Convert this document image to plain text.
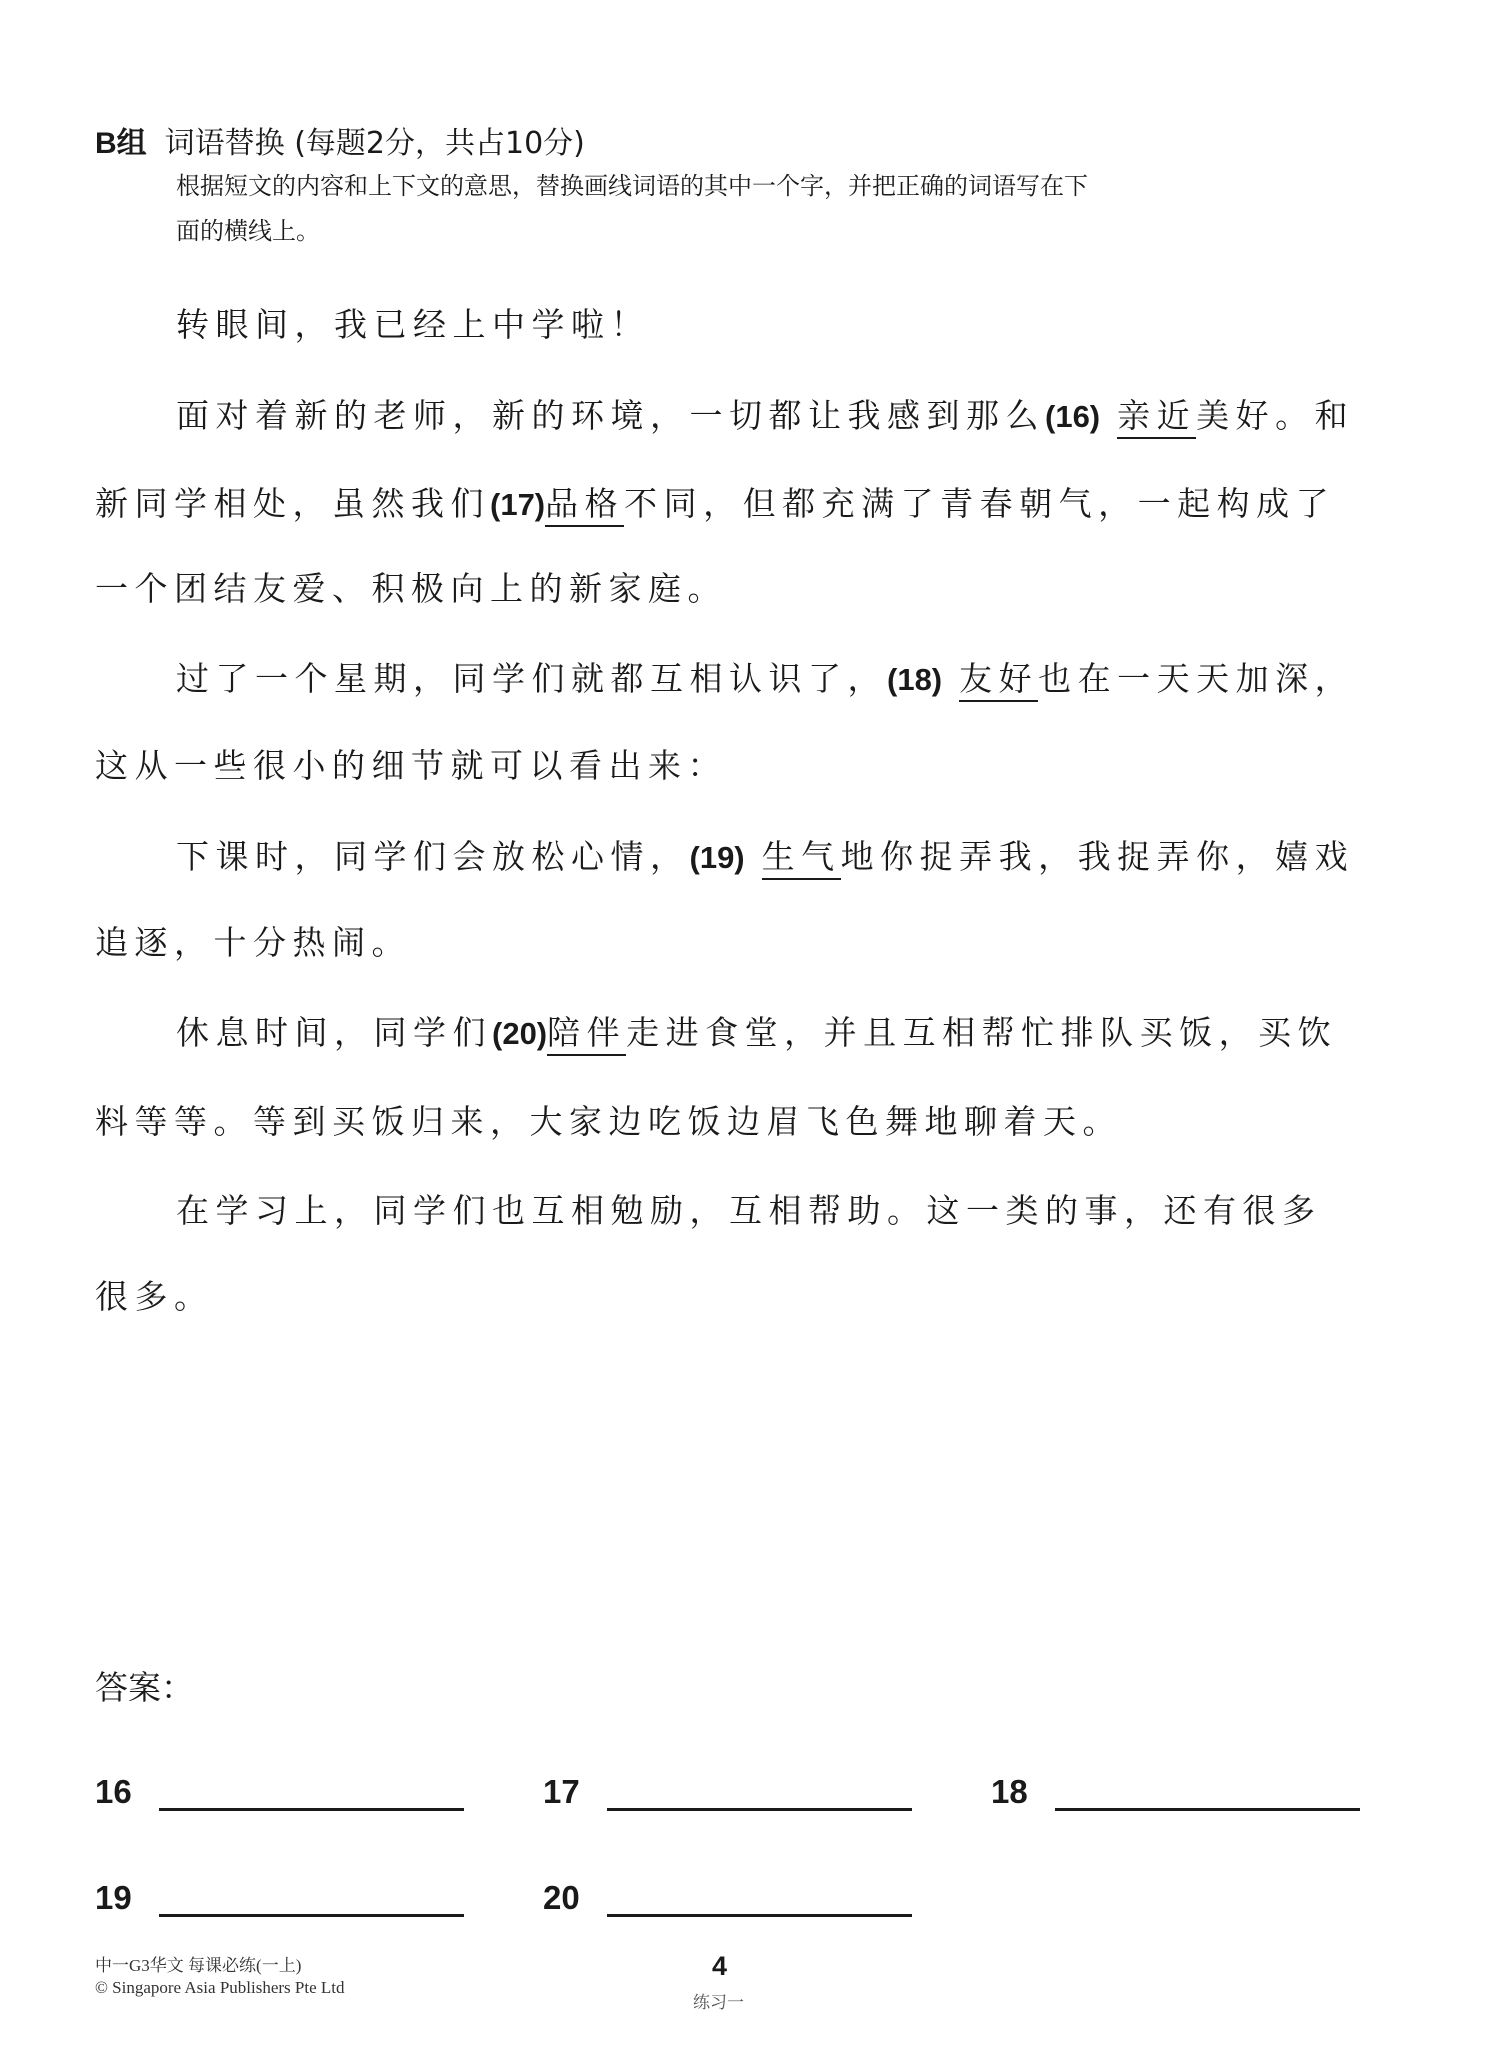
B组 词语替换 (每题2分，共占10分)
根据短文的内容和上下文的意思，替换画线词语的其中一个字，并把正确的词语写在下
面的横线上。
转眼间，我已经上中学啦！
面对着新的老师，新的环境，一切都让我感到那么(16) 亲近美好。和
新同学相处，虽然我们(17)品格不同，但都充满了青春朝气，一起构成了
一个团结友爱、积极向上的新家庭。
过了一个星期，同学们就都互相认识了，(18) 友好也在一天天加深，
这从一些很小的细节就可以看出来：
下课时，同学们会放松心情，(19) 生气地你捉弄我，我捉弄你，嬉戏
追逐，十分热闹。
休息时间，同学们(20)陪伴走进食堂，并且互相帮忙排队买饭，买饮
料等等。等到买饭归来，大家边吃饭边眉飞色舞地聊着天。
在学习上，同学们也互相勉励，互相帮助。这一类的事，还有很多
很多。
答案：
16	17	18
19	20
中一G3华文 每课必练(一上)
© Singapore Asia Publishers Pte Ltd
4
练习一
